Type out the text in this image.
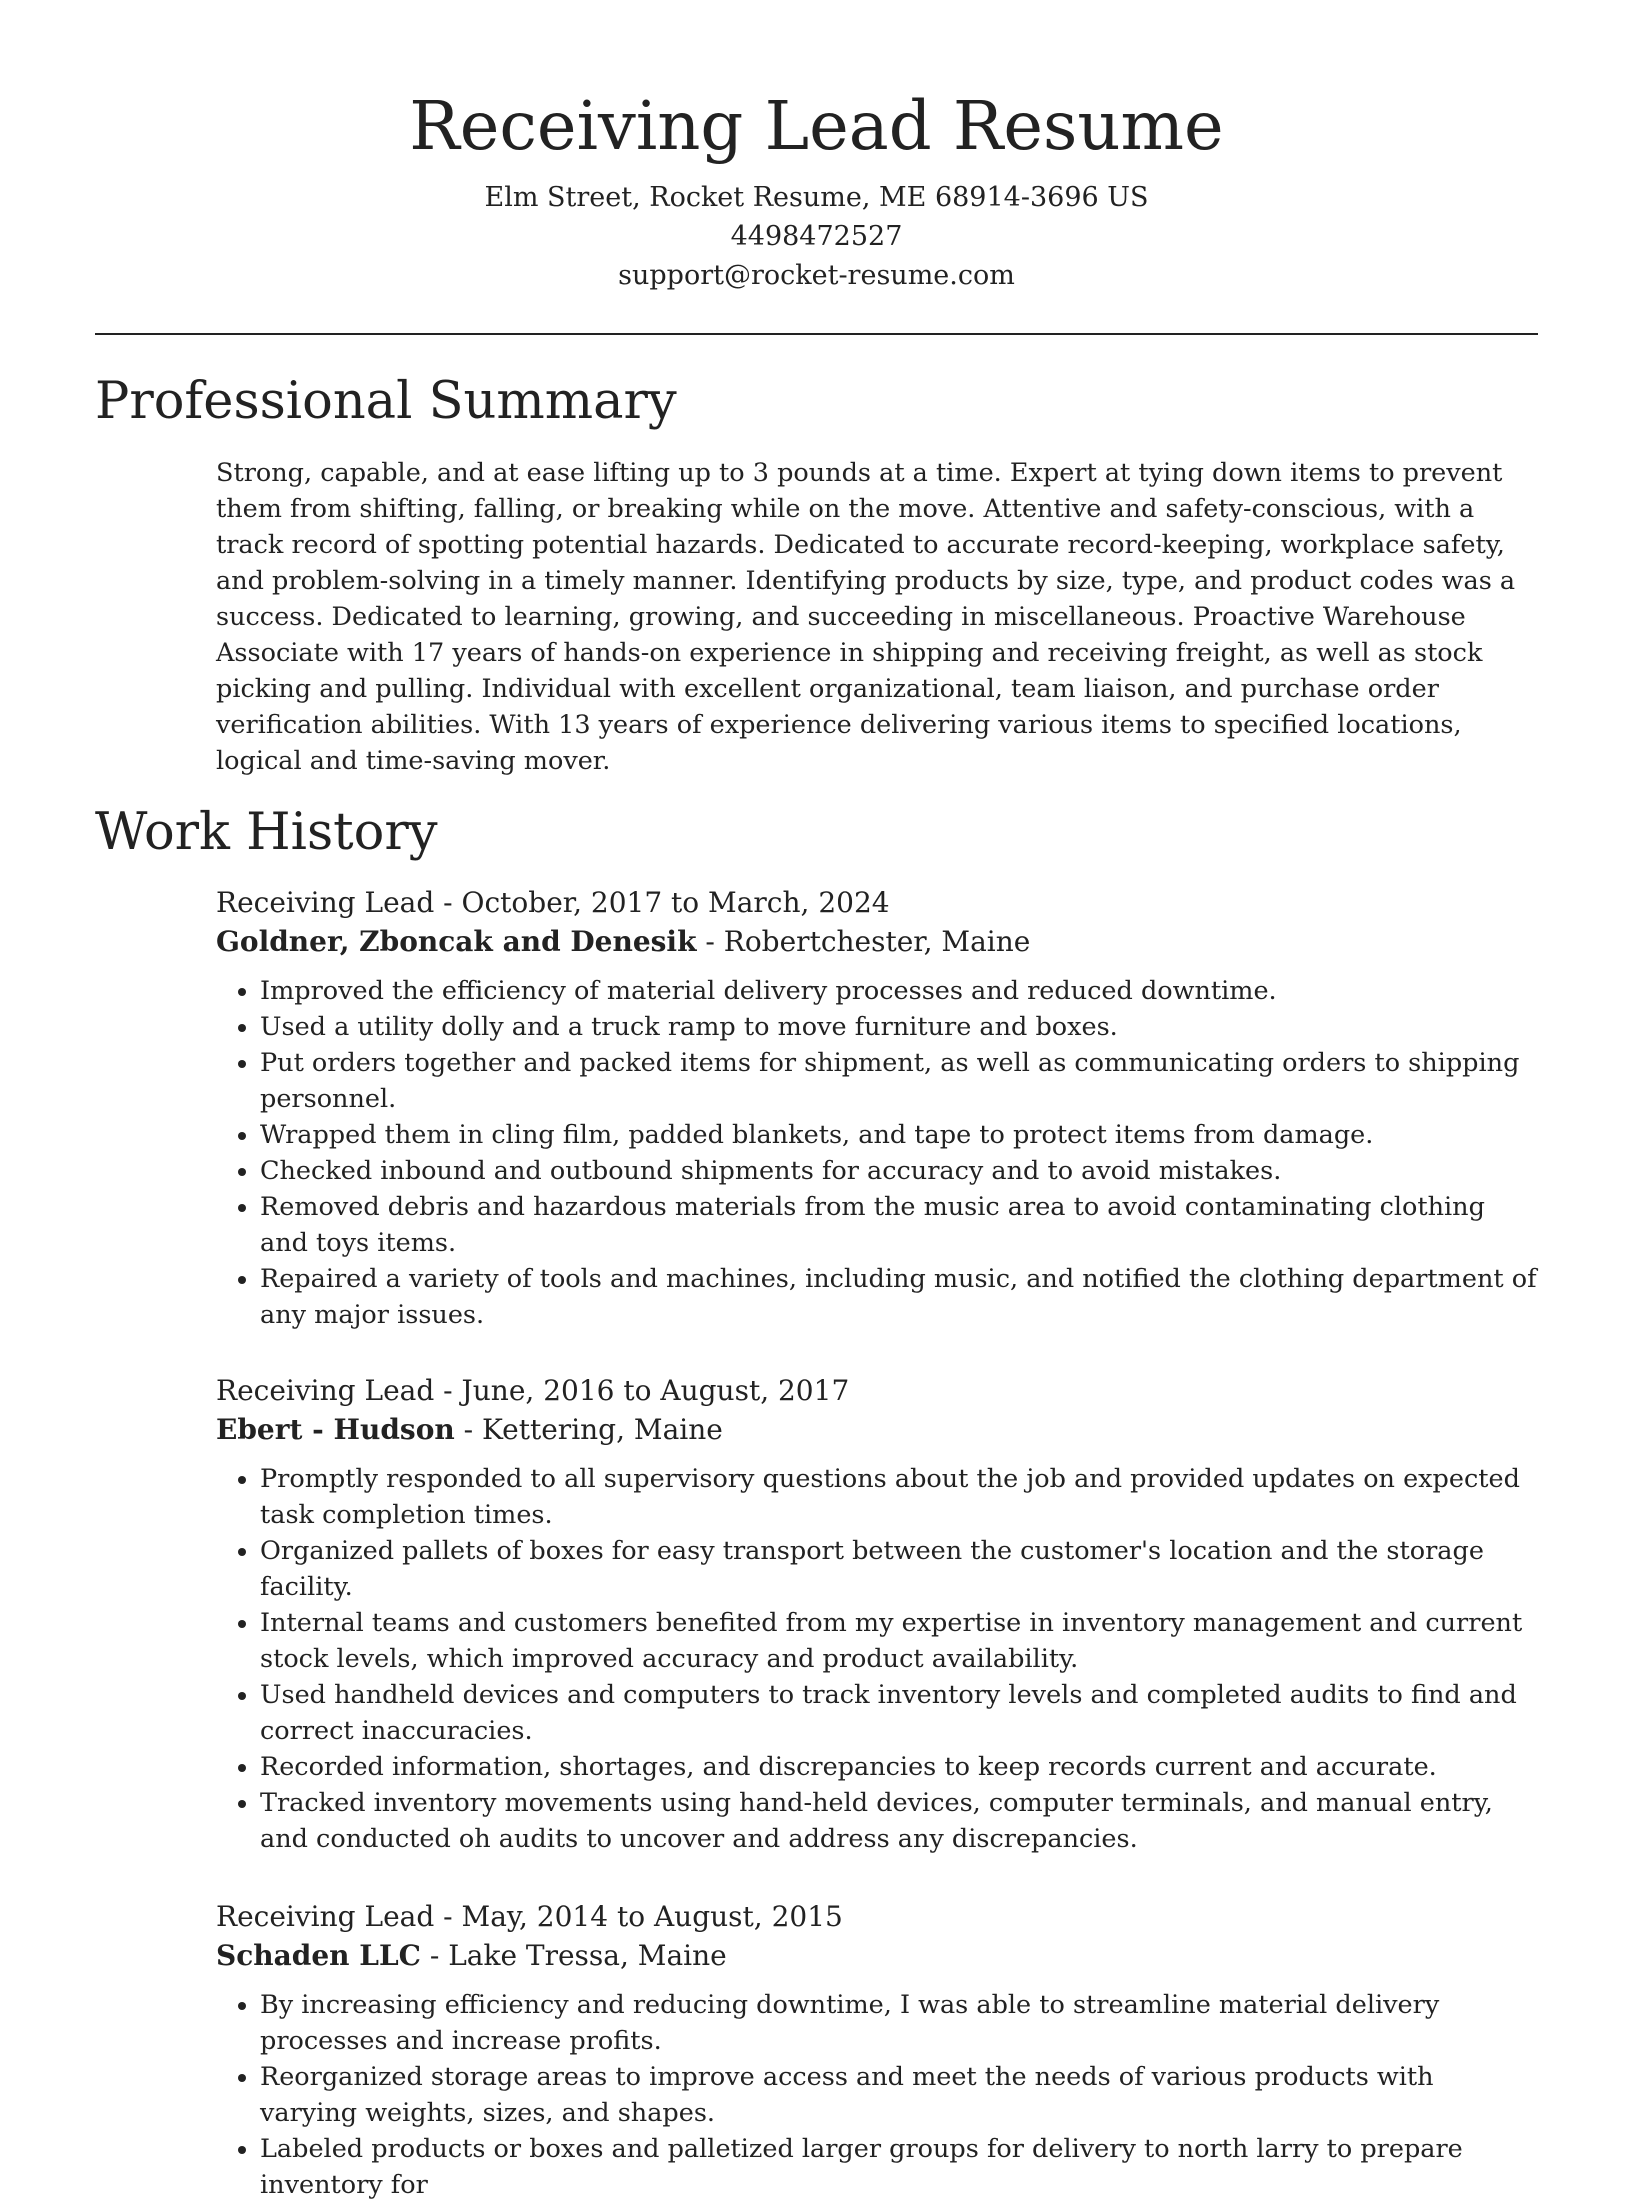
Receiving Lead Resume
Elm Street, Rocket Resume, ME 68914-3696 US
4498472527
support@rocket-resume.com
Professional Summary

Strong, capable, and at ease lifting up to 3 pounds at a time. Expert at tying down items to prevent them from shifting, falling, or breaking while on the move. Attentive and safety-conscious, with a track record of spotting potential hazards. Dedicated to accurate record-keeping, workplace safety, and problem-solving in a timely manner. Identifying products by size, type, and product codes was a success. Dedicated to learning, growing, and succeeding in miscellaneous. Proactive Warehouse Associate with 17 years of hands-on experience in shipping and receiving freight, as well as stock picking and pulling. Individual with excellent organizational, team liaison, and purchase order verification abilities. With 13 years of experience delivering various items to specified locations, logical and time-saving mover.

Work History
Receiving Lead - October, 2017 to March, 2024
Goldner, Zboncak and Denesik - Robertchester, Maine
• Improved the efficiency of material delivery processes and reduced downtime.
• Used a utility dolly and a truck ramp to move furniture and boxes.
• Put orders together and packed items for shipment, as well as communicating orders to shipping personnel.
• Wrapped them in cling film, padded blankets, and tape to protect items from damage.
• Checked inbound and outbound shipments for accuracy and to avoid mistakes.
• Removed debris and hazardous materials from the music area to avoid contaminating clothing and toys items.
• Repaired a variety of tools and machines, including music, and notified the clothing department of any major issues.
Receiving Lead - June, 2016 to August, 2017
Ebert - Hudson - Kettering, Maine
• Promptly responded to all supervisory questions about the job and provided updates on expected task completion times.
• Organized pallets of boxes for easy transport between the customer's location and the storage facility.
• Internal teams and customers benefited from my expertise in inventory management and current stock levels, which improved accuracy and product availability.
• Used handheld devices and computers to track inventory levels and completed audits to find and correct inaccuracies.
• Recorded information, shortages, and discrepancies to keep records current and accurate.
• Tracked inventory movements using hand-held devices, computer terminals, and manual entry, and conducted oh audits to uncover and address any discrepancies.
Receiving Lead - May, 2014 to August, 2015
Schaden LLC - Lake Tressa, Maine
• By increasing efficiency and reducing downtime, I was able to streamline material delivery processes and increase profits.
• Reorganized storage areas to improve access and meet the needs of various products with varying weights, sizes, and shapes.
• Labeled products or boxes and palletized larger groups for delivery to north larry to prepare inventory for
